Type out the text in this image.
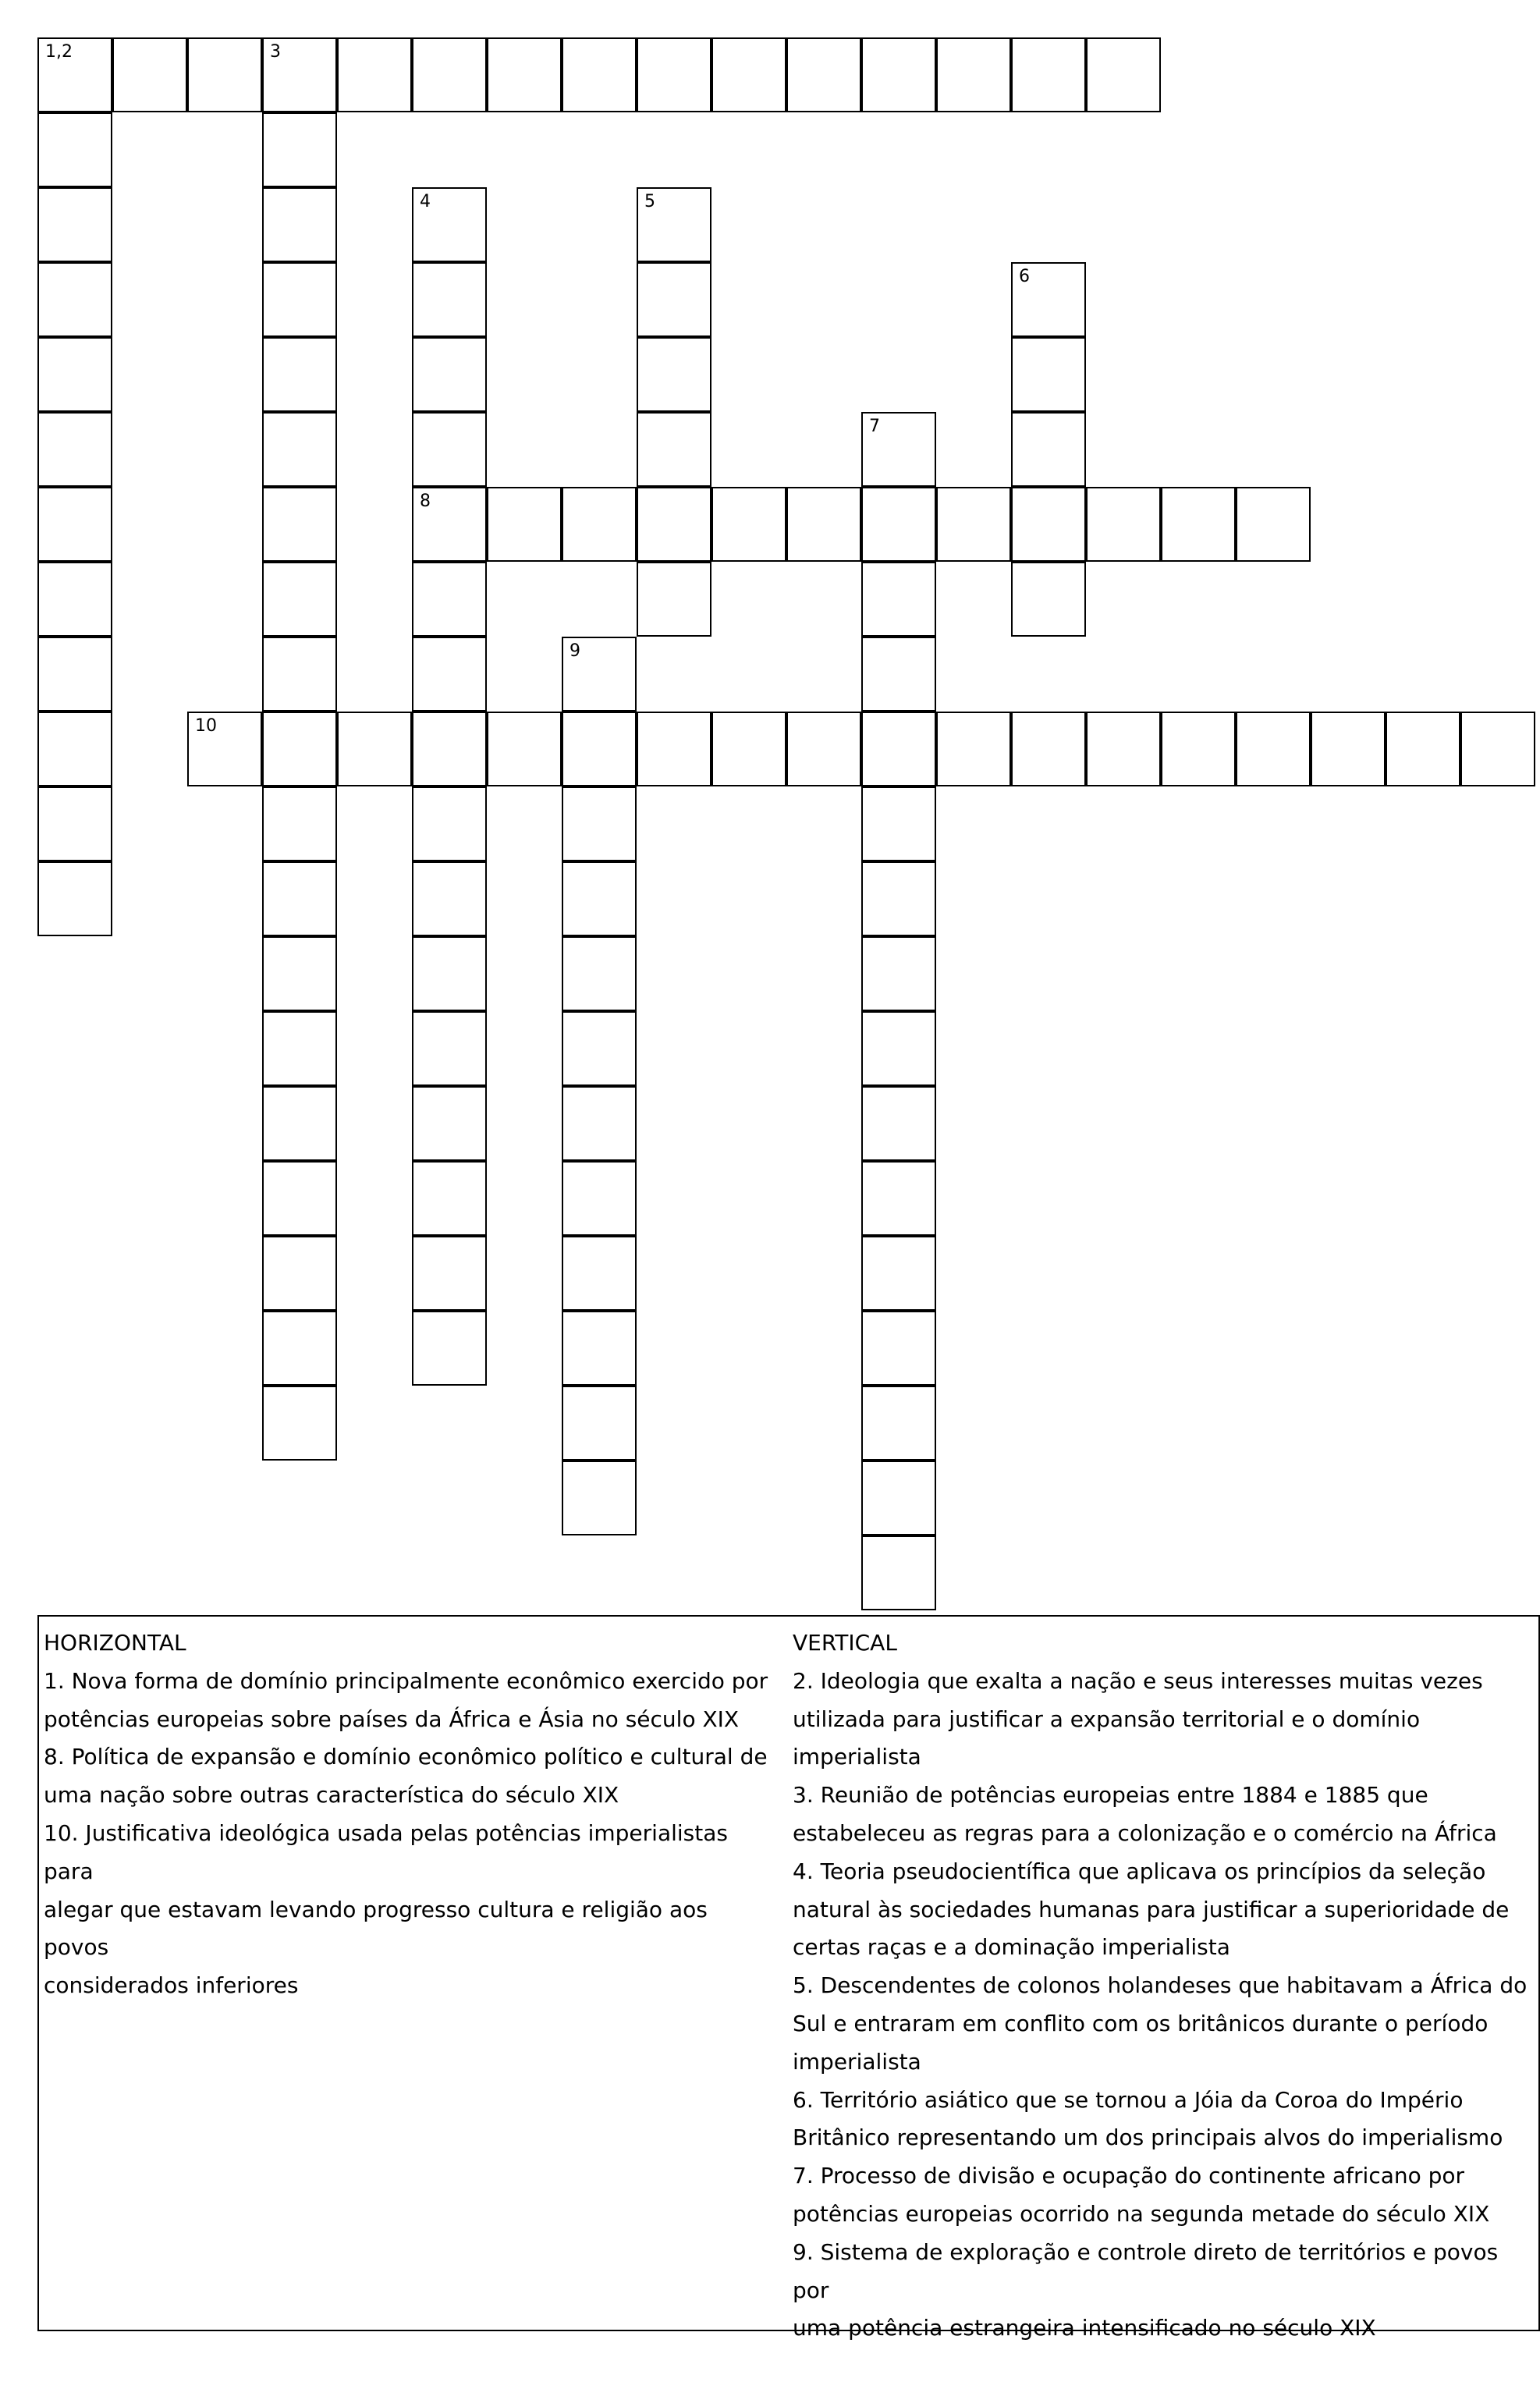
1,2	3
4	5
6
7
8
9
10
HORIZONTAL
1. Nova forma de domínio principalmente econômico exercido por
potências europeias sobre países da África e Ásia no século XIX
8. Política de expansão e domínio econômico político e cultural de
uma nação sobre outras característica do século XIX
10. Justificativa ideológica usada pelas potências imperialistas para
alegar que estavam levando progresso cultura e religião aos povos
considerados inferiores
VERTICAL
2. Ideologia que exalta a nação e seus interesses muitas vezes
utilizada para justificar a expansão territorial e o domínio
imperialista
3. Reunião de potências europeias entre 1884 e 1885 que
estabeleceu as regras para a colonização e o comércio na África
4. Teoria pseudocientífica que aplicava os princípios da seleção
natural às sociedades humanas para justificar a superioridade de
certas raças e a dominação imperialista
5. Descendentes de colonos holandeses que habitavam a África do
Sul e entraram em conflito com os britânicos durante o período
imperialista
6. Território asiático que se tornou a Jóia da Coroa do Império
Britânico representando um dos principais alvos do imperialismo
7. Processo de divisão e ocupação do continente africano por
potências europeias ocorrido na segunda metade do século XIX
9. Sistema de exploração e controle direto de territórios e povos por
uma potência estrangeira intensificado no século XIX
